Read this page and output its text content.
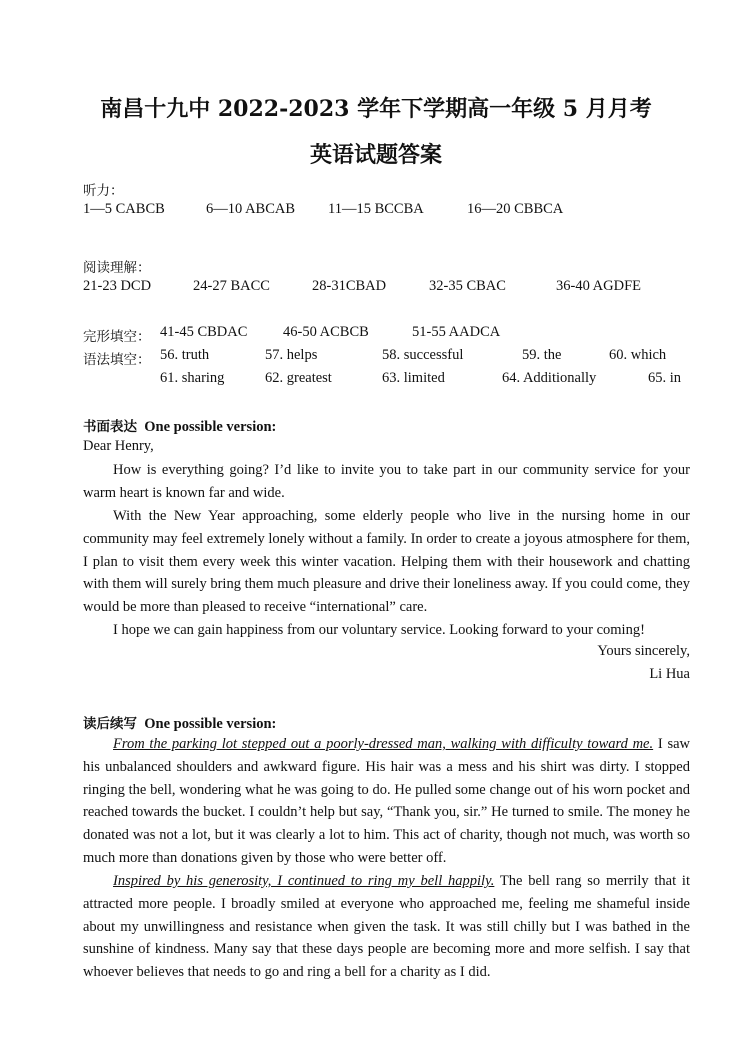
南昌十九中 2022-2023 学年下学期高一年级 5 月月考
英语试题答案
听力：
1—5 CABCB	6—10 ABCAB 11—15 BCCBA	16—20 CBBCA
阅读理解：
21-23 DCD	24-27 BACC	28-31CBAD	32-35 CBAC	36-40 AGDFE
完形填空： 41-45 CBDAC 46-50 ACBCB	51-55 AADCA
语法填空： 56. truth	57. helps	58. successful	59. the	60. which
61. sharing	62. greatest	63. limited	64. Additionally	65. in
书面表达 One possible version:
Dear Henry,

How is everything going? I’d like to invite you to take part in our community service for your warm heart is known far and wide.

With the New Year approaching, some elderly people who live in the nursing home in our community may feel extremely lonely without a family. In order to create a joyous atmosphere for them, I plan to visit them every week this winter vacation. Helping them with their housework and chatting with them will surely bring them much pleasure and drive their loneliness away. If you could come, they would be more than pleased to receive “international” care.

I hope we can gain happiness from our voluntary service. Looking forward to your coming!

Yours sincerely,
Li Hua
读后续写 One possible version:

From the parking lot stepped out a poorly-dressed man, walking with difficulty toward me. I saw his unbalanced shoulders and awkward figure. His hair was a mess and his shirt was dirty. I stopped ringing the bell, wondering what he was going to do. He pulled some change out of his worn pocket and reached towards the bucket. I couldn’t help but say, “Thank you, sir.” He turned to smile. The money he donated was not a lot, but it was clearly a lot to him. This act of charity, though not much, was worth so much more than donations given by those who were better off.

Inspired by his generosity, I continued to ring my bell happily. The bell rang so merrily that it attracted more people. I broadly smiled at everyone who approached me, feeling me shameful inside about my unwillingness and resistance when given the task. It was still chilly but I was bathed in the sunshine of kindness. Many say that these days people are becoming more and more selfish. I say that whoever believes that needs to go and ring a bell for a charity as I did.
